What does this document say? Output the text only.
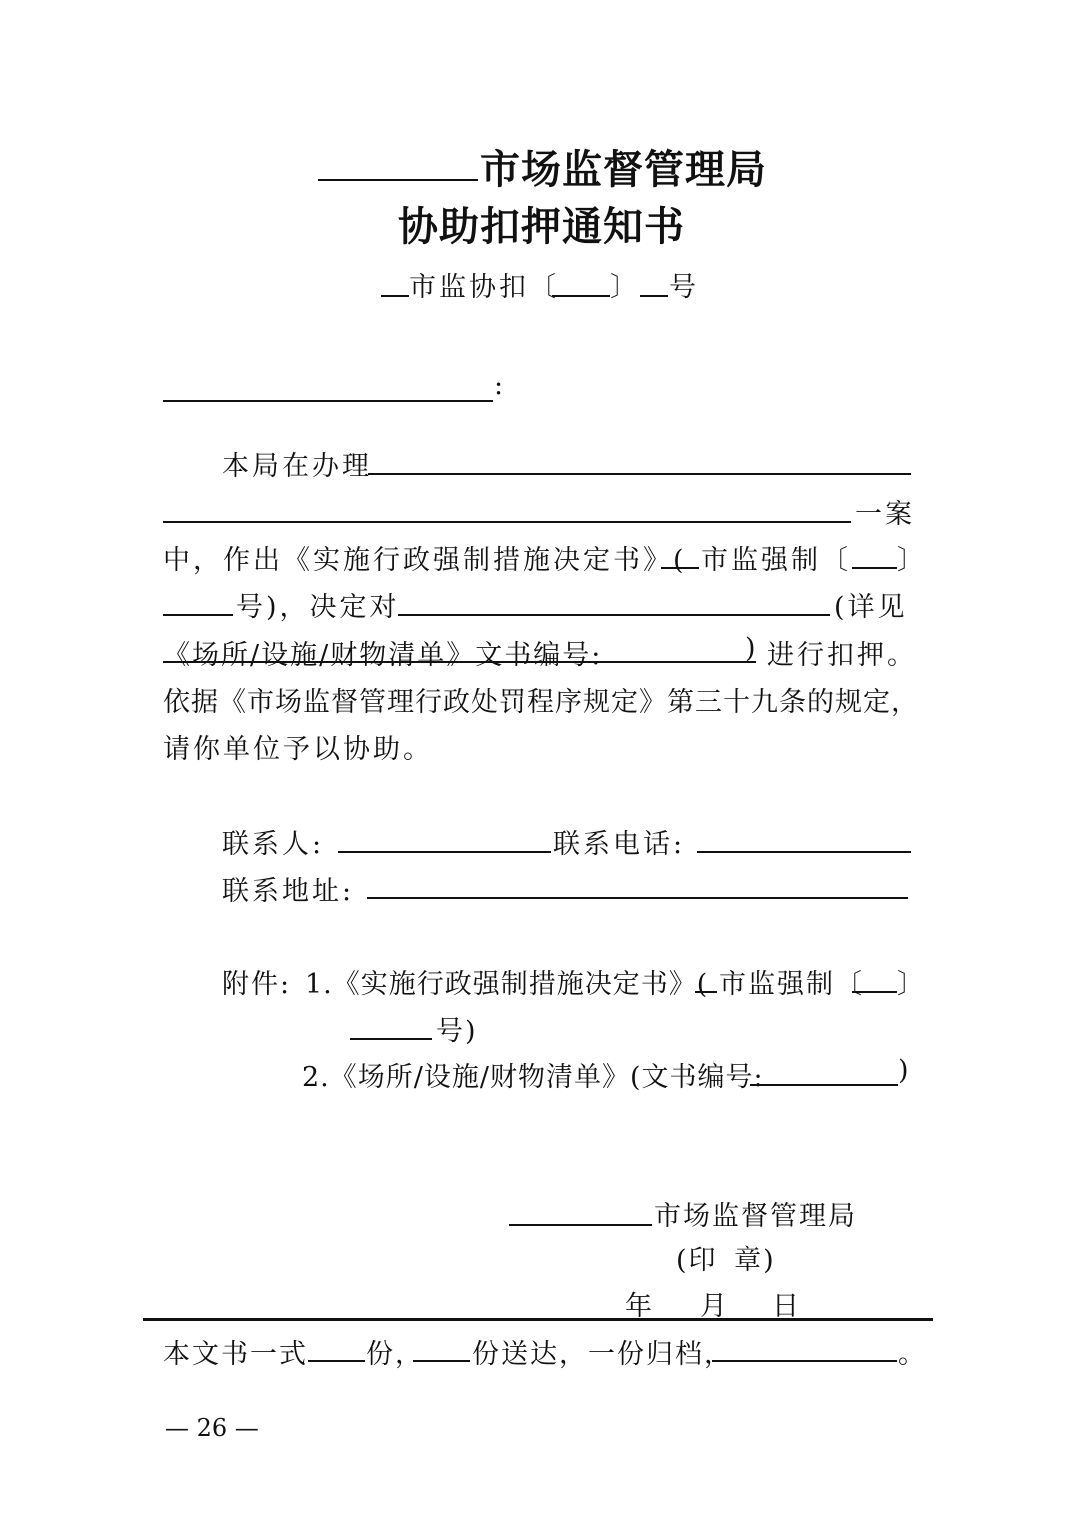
市场监督管理局
协助扣押通知书
市监协扣〔 〕 号
:
本局在办理
一案
中，作出《实施行政强制措施决定书》( 市监强制〔 〕
号)，决定对	(详见
《场所/设施/财物清单》文书编号:	) 进行扣押。
依据《市场监督管理行政处罚程序规定》第三十九条的规定，
请你单位予以协助。
联系人:	联系电话:
联系地址:
附件: 1.《实施行政强制措施决定书》( 市监强制〔 〕
号)
2.《场所/设施/财物清单》(文书编号:	)
市场监督管理局
(印 章)
年 月 日
本文书一式 份， 份送达，一份归档，	。
— 26 —
